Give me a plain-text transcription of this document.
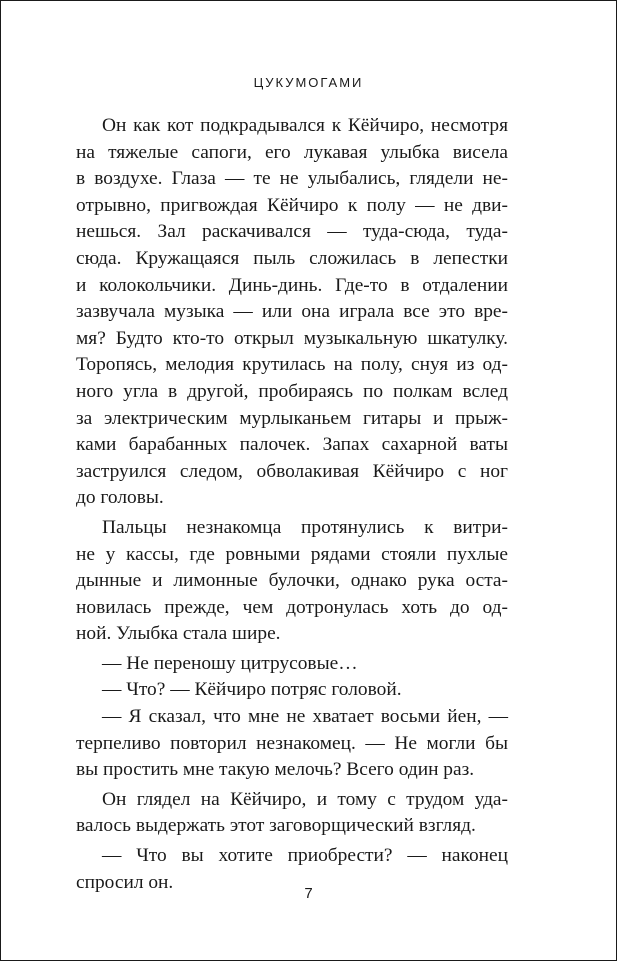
ЦУКУМОГАМИ
Он как кот подкрадывался к Кёйчиро, несмотря
на тяжелые сапоги, его лукавая улыбка висела
в воздухе. Глаза — те не улыбались, глядели не-
отрывно, пригвождая Кёйчиро к полу — не дви-
нешься. Зал раскачивался — туда-сюда, туда-
сюда. Кружащаяся пыль сложилась в лепестки
и колокольчики. Динь-динь. Где-то в отдалении
зазвучала музыка — или она играла все это вре-
мя? Будто кто-то открыл музыкальную шкатулку.
Торопясь, мелодия крутилась на полу, снуя из од-
ного угла в другой, пробираясь по полкам вслед
за электрическим мурлыканьем гитары и прыж-
ками барабанных палочек. Запах сахарной ваты
заструился следом, обволакивая Кёйчиро с ног
до головы.
Пальцы незнакомца протянулись к витри-
не у кассы, где ровными рядами стояли пухлые
дынные и лимонные булочки, однако рука оста-
новилась прежде, чем дотронулась хоть до од-
ной. Улыбка стала шире.
— Не переношу цитрусовые…
— Что? — Кёйчиро потряс головой.
— Я сказал, что мне не хватает восьми йен, —
терпеливо повторил незнакомец. — Не могли бы
вы простить мне такую мелочь? Всего один раз.
Он глядел на Кёйчиро, и тому с трудом уда-
валось выдержать этот заговорщический взгляд.
— Что вы хотите приобрести? — наконец
спросил он.
7
